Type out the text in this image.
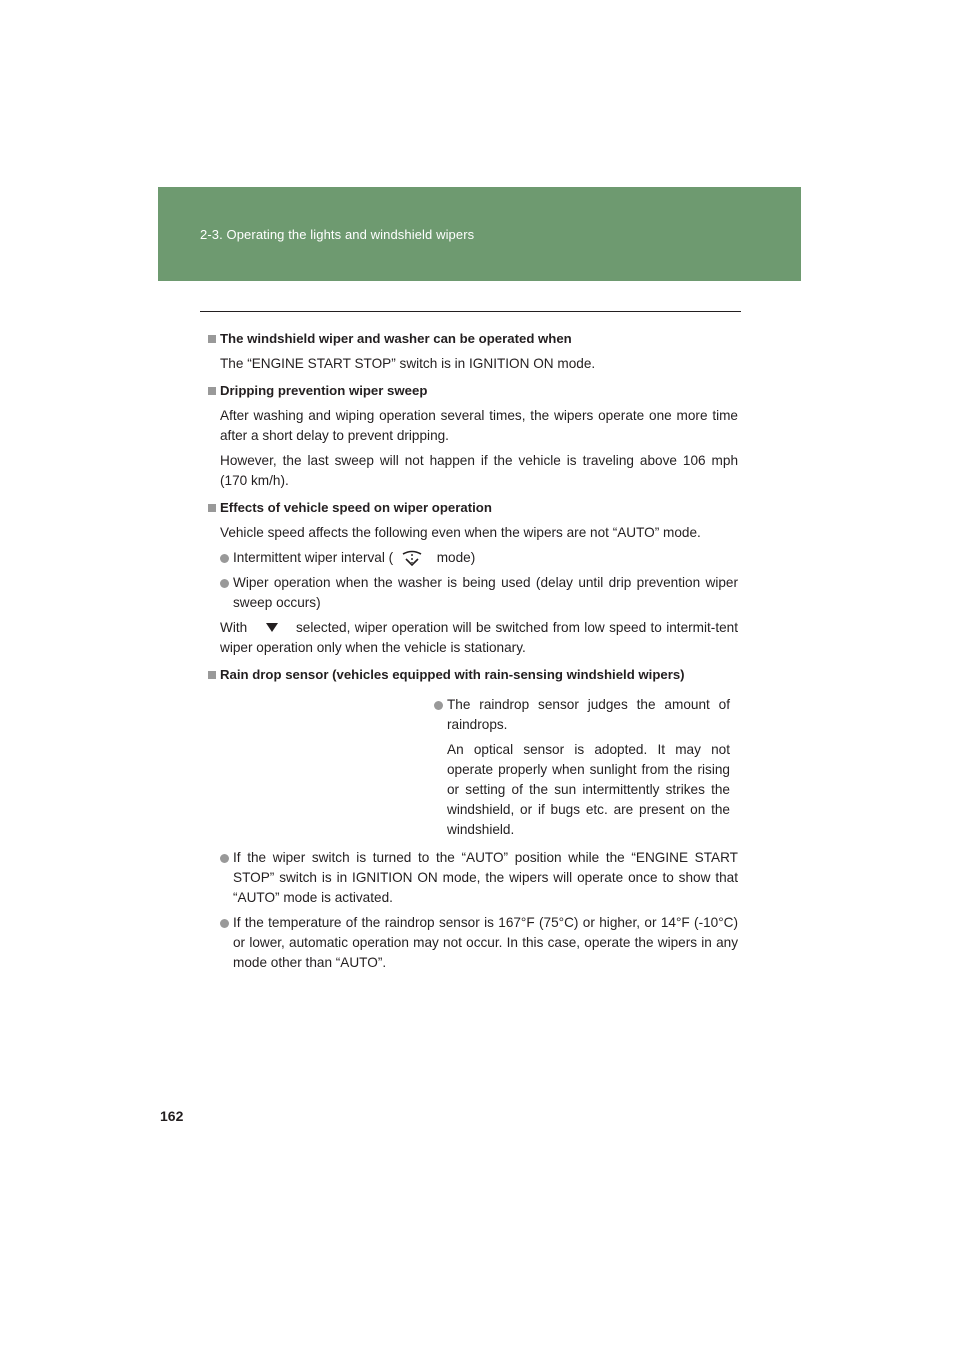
2-3. Operating the lights and windshield wipers
The windshield wiper and washer can be operated when

The “ENGINE START STOP” switch is in IGNITION ON mode.

Dripping prevention wiper sweep

After washing and wiping operation several times, the wipers operate one more time after a short delay to prevent dripping.

However, the last sweep will not happen if the vehicle is traveling above 106 mph (170 km/h).

Effects of vehicle speed on wiper operation

Vehicle speed affects the following even when the wipers are not “AUTO” mode.

Intermittent wiper interval (	mode)
Wiper operation when the washer is being used (delay until drip prevention wiper sweep occurs)

With	selected, wiper operation will be switched from low speed to intermit-tent wiper operation only when the vehicle is stationary.

Rain drop sensor (vehicles equipped with rain-sensing windshield wipers)
The raindrop sensor judges the amount of raindrops.

An optical sensor is adopted. It may not operate properly when sunlight from the rising or setting of the sun intermittently strikes the windshield, or if bugs etc. are present on the windshield.

If the wiper switch is turned to the “AUTO” position while the “ENGINE START STOP” switch is in IGNITION ON mode, the wipers will operate once to show that “AUTO” mode is activated.
If the temperature of the raindrop sensor is 167°F (75°C) or higher, or 14°F (-10°C) or lower, automatic operation may not occur. In this case, operate the wipers in any mode other than “AUTO”.
162
